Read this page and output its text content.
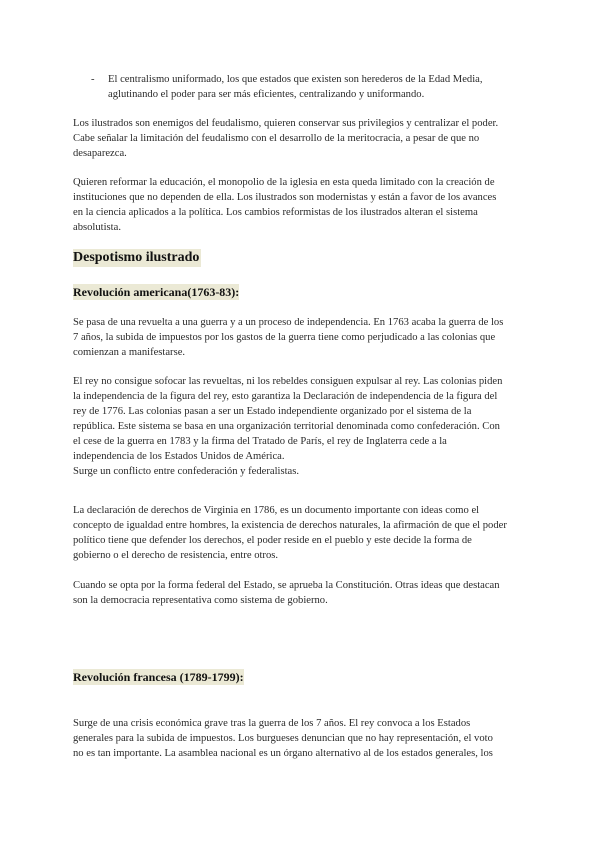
- El centralismo uniformado, los que estados que existen son herederos de la Edad Media,
aglutinando el poder para ser más eficientes, centralizando y uniformando.

Los ilustrados son enemigos del feudalismo, quieren conservar sus privilegios y centralizar el poder.
Cabe señalar la limitación del feudalismo con el desarrollo de la meritocracia, a pesar de que no
desaparezca.

Quieren reformar la educación, el monopolio de la iglesia en esta queda limitado con la creación de
instituciones que no dependen de ella. Los ilustrados son modernistas y están a favor de los avances
en la ciencia aplicados a la política. Los cambios reformistas de los ilustrados alteran el sistema
absolutista.

Despotismo ilustrado
Revolución americana(1763-83):

Se pasa de una revuelta a una guerra y a un proceso de independencia. En 1763 acaba la guerra de los
7 años, la subida de impuestos por los gastos de la guerra tiene como perjudicado a las colonias que
comienzan a manifestarse.

El rey no consigue sofocar las revueltas, ni los rebeldes consiguen expulsar al rey. Las colonias piden
la independencia de la figura del rey, esto garantiza la Declaración de independencia de la figura del
rey de 1776. Las colonias pasan a ser un Estado independiente organizado por el sistema de la
república. Este sistema se basa en una organización territorial denominada como confederación. Con
el cese de la guerra en 1783 y la firma del Tratado de París, el rey de Inglaterra cede a la
independencia de los Estados Unidos de América.
Surge un conflicto entre confederación y federalistas.

La declaración de derechos de Virginia en 1786, es un documento importante con ideas como el
concepto de igualdad entre hombres, la existencia de derechos naturales, la afirmación de que el poder
político tiene que defender los derechos, el poder reside en el pueblo y este decide la forma de
gobierno o el derecho de resistencia, entre otros.

Cuando se opta por la forma federal del Estado, se aprueba la Constitución. Otras ideas que destacan
son la democracia representativa como sistema de gobierno.

Revolución francesa (1789-1799):

Surge de una crisis económica grave tras la guerra de los 7 años. El rey convoca a los Estados
generales para la subida de impuestos. Los burgueses denuncian que no hay representación, el voto
no es tan importante. La asamblea nacional es un órgano alternativo al de los estados generales, los
